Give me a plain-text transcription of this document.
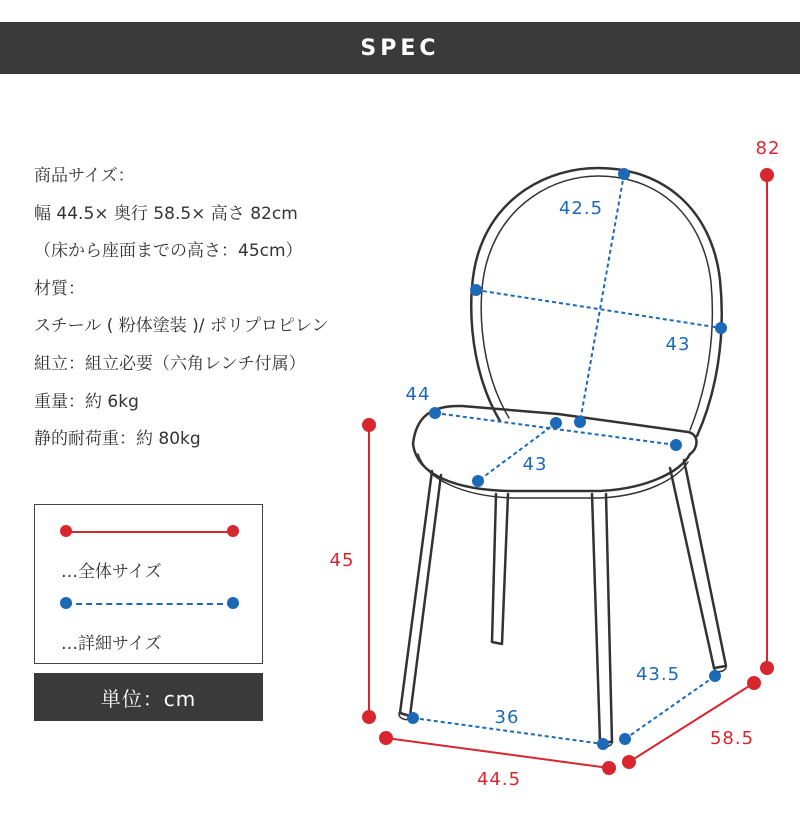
SPEC
商品サイズ：
幅 44.5× 奥行 58.5× 高さ 82cm
（床から座面までの高さ：45cm）
材質：
スチール ( 粉体塗装 )/ ポリプロピレン
組立：組立必要（六角レンチ付属）
重量：約 6kg
静的耐荷重：約 80kg
…全体サイズ
…詳細サイズ
単位：cm
82
45
44.5
58.5
42.5
43
44
43
36
43.5
